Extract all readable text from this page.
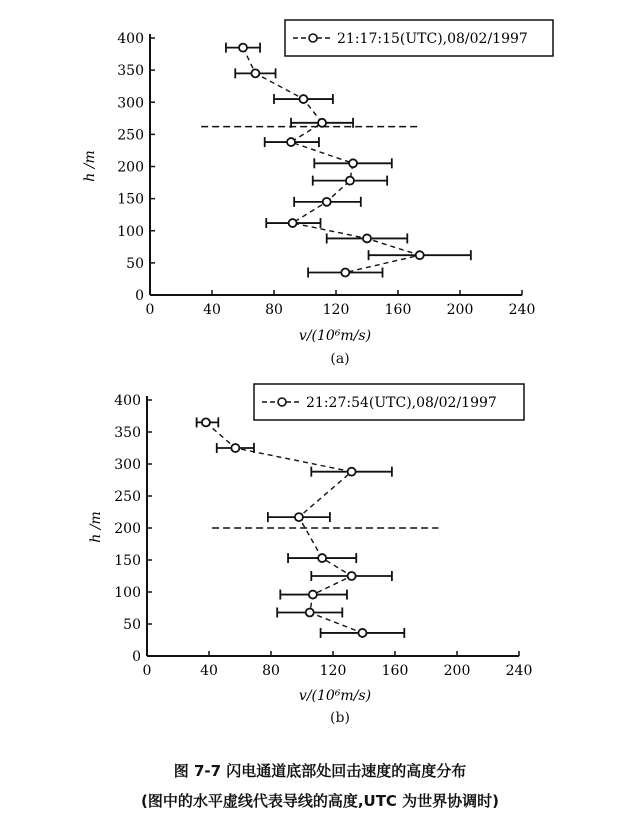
0	40	80	120	160	200	240
0
50
100
150
200
250
300
350
400
v/(10⁶m/s)
h /m
21:17:15(UTC),08/02/1997
0	40	80	120	160	200	240
0
50
100
150
200
250
300
350
400
v/(10⁶m/s)
h /m
21:27:54(UTC),08/02/1997
(a)
(b)
图 7-7 闪电通道底部处回击速度的高度分布
(图中的水平虚线代表导线的高度,UTC 为世界协调时)
